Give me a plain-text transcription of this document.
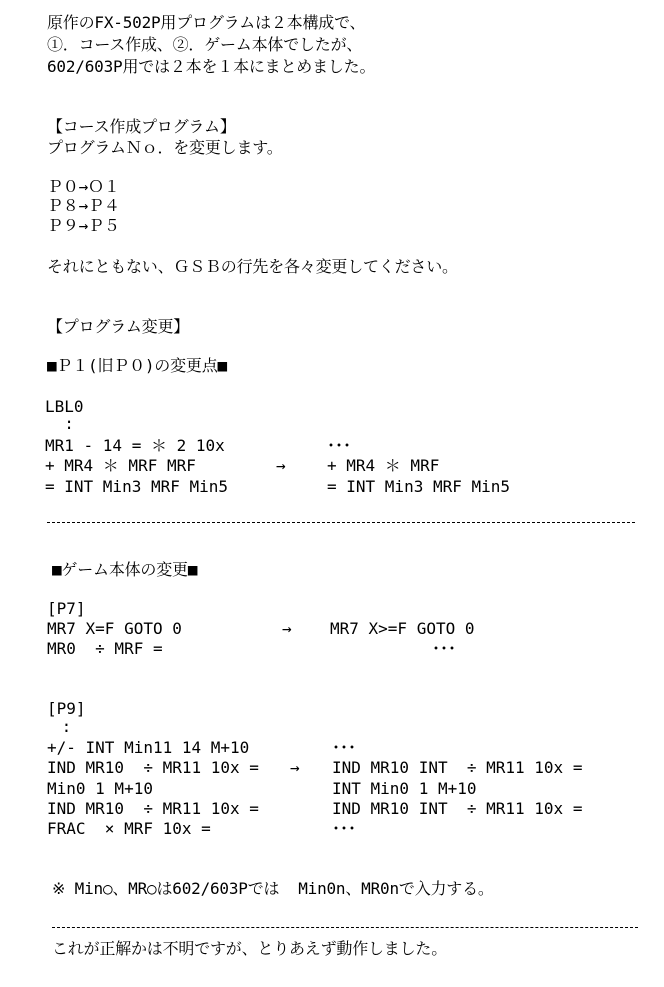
原作のFX-502P用プログラムは２本構成で、
①．コース作成、②．ゲーム本体でしたが、
602/603P用では２本を１本にまとめました。
【コース作成プログラム】
プログラムＮｏ．を変更します。
Ｐ０→Ｏ１
Ｐ８→Ｐ４
Ｐ９→Ｐ５
それにともない、ＧＳＢの行先を各々変更してください。
【プログラム変更】
■Ｐ１(旧Ｐ０)の変更点■
LBL0
:
MR1 - 14 = ＊ 2 10x
+ MR4 ＊ MRF MRF
= INT Min3 MRF Min5
→
･･･
+ MR4 ＊ MRF
= INT Min3 MRF Min5
■ゲーム本体の変更■
[P7]
MR7 X=F GOTO 0
MR0  ÷ MRF =
→ MR7 X>=F GOTO 0
･･･
[P9]
:
+/- INT Min11 14 M+10
IND MR10  ÷ MR11 10x =
Min0 1 M+10
IND MR10  ÷ MR11 10x =
FRAC  × MRF 10x =
→
･･･
IND MR10 INT  ÷ MR11 10x =
INT Min0 1 M+10
IND MR10 INT  ÷ MR11 10x =
･･･
※ Min○、MR○は602/603Pでは  Min0n、MR0nで入力する。
これが正解かは不明ですが、とりあえず動作しました。
